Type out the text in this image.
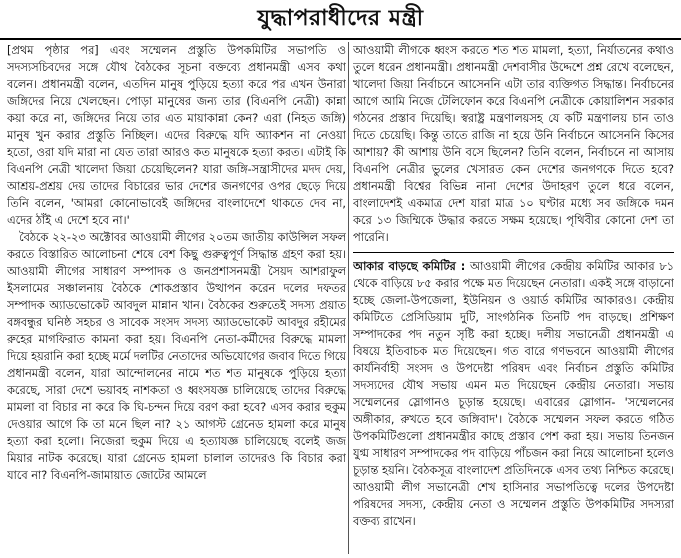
যুদ্ধাপরাধীদের মন্ত্রী

[প্রথম পৃষ্ঠার পর] এবং সম্মেলন প্রস্তুতি উপকমিটির সভাপতি ও সদস্যসচিবদের সঙ্গে যৌথ বৈঠকের সূচনা বক্তব্যে প্রধানমন্ত্রী এসব কথা বলেন। প্রধানমন্ত্রী বলেন, এতদিন মানুষ পুড়িয়ে হত্যা করে পর এখন উনারা জঙ্গিদের নিয়ে খেলছেন। পোড়া মানুষের জন্য তার (বিএনপি নেত্রী) কান্না কয়া করে না, জঙ্গিদের নিয়ে তার এত মায়াকান্না কেন? এরা (নিহত জঙ্গি) মানুষ খুন করার প্রস্তুতি নিচ্ছিল। এদের বিরুদ্ধে যদি অ্যাকশন না নেওয়া হতো, ওরা যদি মারা না যেত তারা আরও কত মানুষকে হত্যা করত। এটাই কি বিএনপি নেত্রী খালেদা জিয়া চেয়েছিলেন? যারা জঙ্গি-সন্ত্রাসীদের মদদ দেয়, আশ্রয়-প্রশ্রয় দেয় তাদের বিচারের ভার দেশের জনগণের ওপর ছেড়ে দিয়ে তিনি বলেন, 'আমরা কোনোভাবেই জঙ্গিদের বাংলাদেশে থাকতে দেব না, এদের ঠাঁই এ দেশে হবে না।'

বৈঠকে ২২-২৩ অক্টোবর আওয়ামী লীগের ২০তম জাতীয় কাউন্সিল সফল করতে বিস্তারিত আলোচনা শেষে বেশ কিছু গুরুত্বপূর্ণ সিদ্ধান্ত গ্রহণ করা হয়। আওয়ামী লীগের সাধারণ সম্পাদক ও জনপ্রশাসনমন্ত্রী সৈয়দ আশরাফুল ইসলামের সঞ্চালনায় বৈঠকে শোকপ্রস্তাব উত্থাপন করেন দলের দফতর সম্পাদক অ্যাডভোকেট আবদুল মান্নান খান। বৈঠকের শুরুতেই সদস্য প্রয়াত বঙ্গবন্ধুর ঘনিষ্ঠ সহচর ও সাবেক সংসদ সদস্য অ্যাডভোকেট আবদুর রহীমের রুহের মাগফিরাত কামনা করা হয়। বিএনপি নেতা-কর্মীদের বিরুদ্ধে মামলা দিয়ে হয়রানি করা হচ্ছে মর্মে দলটির নেতাদের অভিযোগের জবাব দিতে গিয়ে প্রধানমন্ত্রী বলেন, যারা আন্দোলনের নামে শত শত মানুষকে পুড়িয়ে হত্যা করেছে, সারা দেশে ভয়াবহ নাশকতা ও ধ্বংসযজ্ঞ চালিয়েছে তাদের বিরুদ্ধে মামলা বা বিচার না করে কি ঘি-চন্দন দিয়ে বরণ করা হবে? এসব করার হুকুম দেওয়ার আগে কি তা মনে ছিল না? ২১ আগস্ট গ্রেনেড হামলা করে মানুষ হত্যা করা হলো। নিজেরা হুকুম দিয়ে এ হত্যাযজ্ঞ চালিয়েছে বলেই জজ মিয়ার নাটক করেছে। যারা গ্রেনেড হামলা চালাল তাদেরও কি বিচার করা যাবে না? বিএনপি-জামায়াত জোটের আমলে

আওয়ামী লীগকে ধ্বংস করতে শত শত মামলা, হত্যা, নির্যাতনের কথাও তুলে ধরেন প্রধানমন্ত্রী। প্রধানমন্ত্রী দেশবাসীর উদ্দেশে প্রশ্ন রেখে বলেছেন, খালেদা জিয়া নির্বাচনে আসেননি এটা তার ব্যক্তিগত সিদ্ধান্ত। নির্বাচনের আগে আমি নিজে টেলিফোন করে বিএনপি নেত্রীকে কোয়ালিশন সরকার গঠনের প্রস্তাব দিয়েছি। স্বরাষ্ট্র মন্ত্রণালয়সহ যে কটি মন্ত্রণালয় চান তাও দিতে চেয়েছি। কিন্তু তাতে রাজি না হয়ে উনি নির্বাচনে আসেননি কিসের আশায়? কী আশায় উনি বসে ছিলেন? তিনি বলেন, নির্বাচনে না আসায় বিএনপি নেত্রীর ভুলের খেসারত কেন দেশের জনগণকে দিতে হবে? প্রধানমন্ত্রী বিশ্বের বিভিন্ন নানা দেশের উদাহরণ তুলে ধরে বলেন, বাংলাদেশই একমাত্র দেশ যারা মাত্র ১০ ঘণ্টার মধ্যে সব জঙ্গিকে দমন করে ১৩ জিম্মিকে উদ্ধার করতে সক্ষম হয়েছে। পৃথিবীর কোনো দেশ তা পারেনি।

আকার বাড়ছে কমিটির : আওয়ামী লীগের কেন্দ্রীয় কমিটির আকার ৮১ থেকে বাড়িয়ে ৮৫ করার পক্ষে মত দিয়েছেন নেতারা। একই সঙ্গে বাড়ানো হচ্ছে জেলা-উপজেলা, ইউনিয়ন ও ওয়ার্ড কমিটির আকারও। কেন্দ্রীয় কমিটিতে প্রেসিডিয়াম দুটি, সাংগঠনিক তিনটি পদ বাড়ছে। প্রশিক্ষণ সম্পাদকের পদ নতুন সৃষ্টি করা হচ্ছে। দলীয় সভানেত্রী প্রধানমন্ত্রী এ বিষয়ে ইতিবাচক মত দিয়েছেন। গত বারে গণভবনে আওয়ামী লীগের কার্যনির্বাহী সংসদ ও উপদেষ্টা পরিষদ এবং নির্বাচন প্রস্তুতি কমিটির সদস্যদের যৌথ সভায় এমন মত দিয়েছেন কেন্দ্রীয় নেতারা। সভায় সম্মেলনের স্লোগানও চূড়ান্ত হয়েছে। এবারের স্লোগান- 'সম্মেলনের অঙ্গীকার, রুখতে হবে জঙ্গিবাদ'। বৈঠকে সম্মেলন সফল করতে গঠিত উপকমিটিগুলো প্রধানমন্ত্রীর কাছে প্রস্তাব পেশ করা হয়। সভায় তিনজন যুগ্ম সাধারণ সম্পাদকের পদ বাড়িয়ে পাঁচজন করা নিয়ে আলোচনা হলেও চূড়ান্ত হয়নি। বৈঠকসূত্র বাংলাদেশ প্রতিদিনকে এসব তথ্য নিশ্চিত করেছে। আওয়ামী লীগ সভানেত্রী শেখ হাসিনার সভাপতিত্বে দলের উপদেষ্টা পরিষদের সদস্য, কেন্দ্রীয় নেতা ও সম্মেলন প্রস্তুতি উপকমিটির সদস্যরা বক্তব্য রাখেন।
